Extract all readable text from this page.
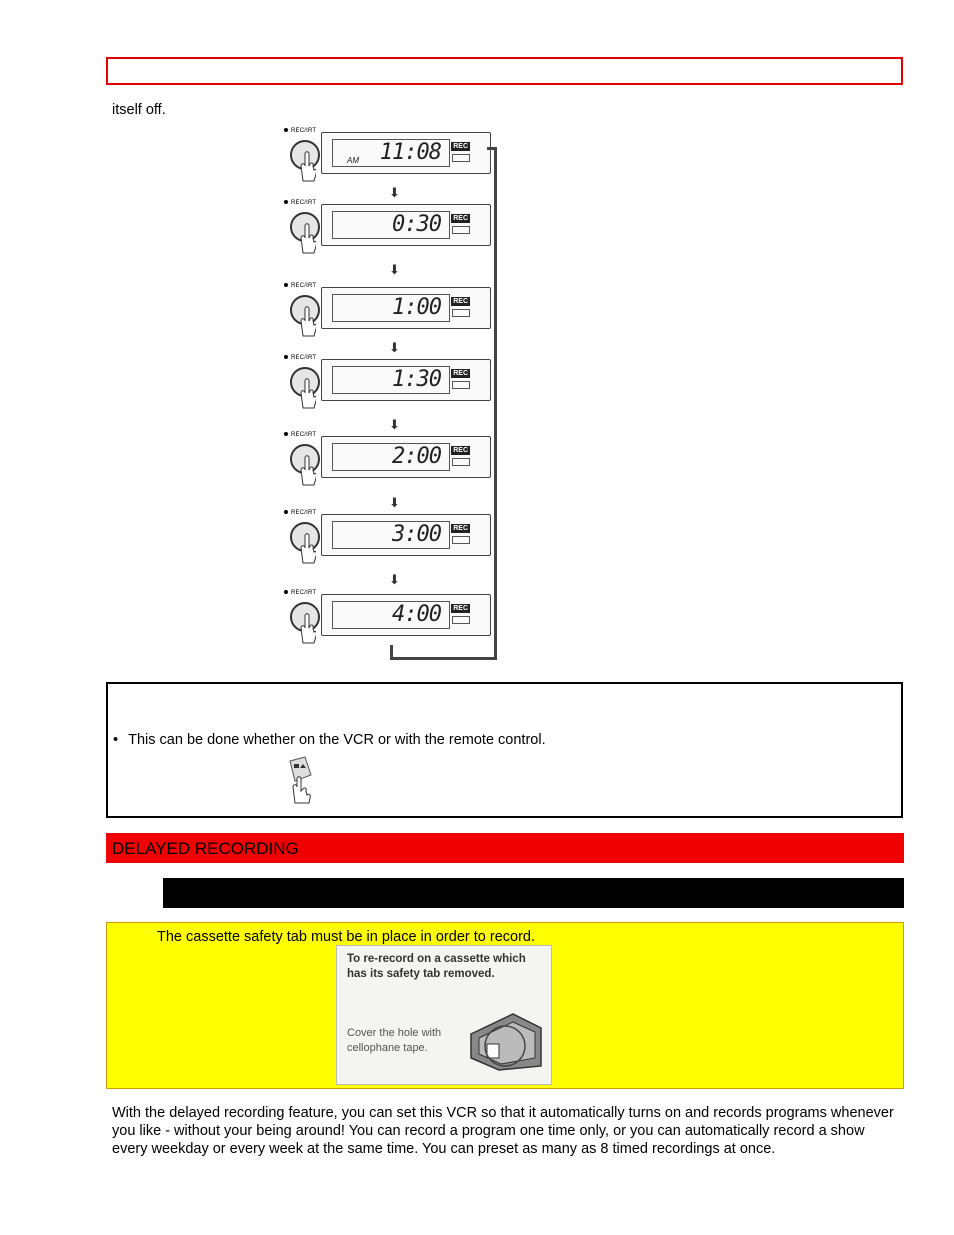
itself off.
REC/IRT
AM 11:08	REC
REC/IRT
0:30	REC
REC/IRT
1:00	REC
REC/IRT
1:30	REC
REC/IRT
2:00	REC
REC/IRT
3:00	REC
REC/IRT
4:00	REC
⬇
⬇
⬇
⬇
⬇
⬇
• This can be done whether on the VCR or with the remote control.
DELAYED RECORDING
The cassette safety tab must be in place in order to record.
To re-record on a cassette which has its safety tab removed.
Cover the hole with cellophane tape.
With the delayed recording feature, you can set this VCR so that it automatically turns on and records programs whenever you like - without your being around! You can record a program one time only, or you can automatically record a show every weekday or every week at the same time. You can preset as many as 8 timed recordings at once.
